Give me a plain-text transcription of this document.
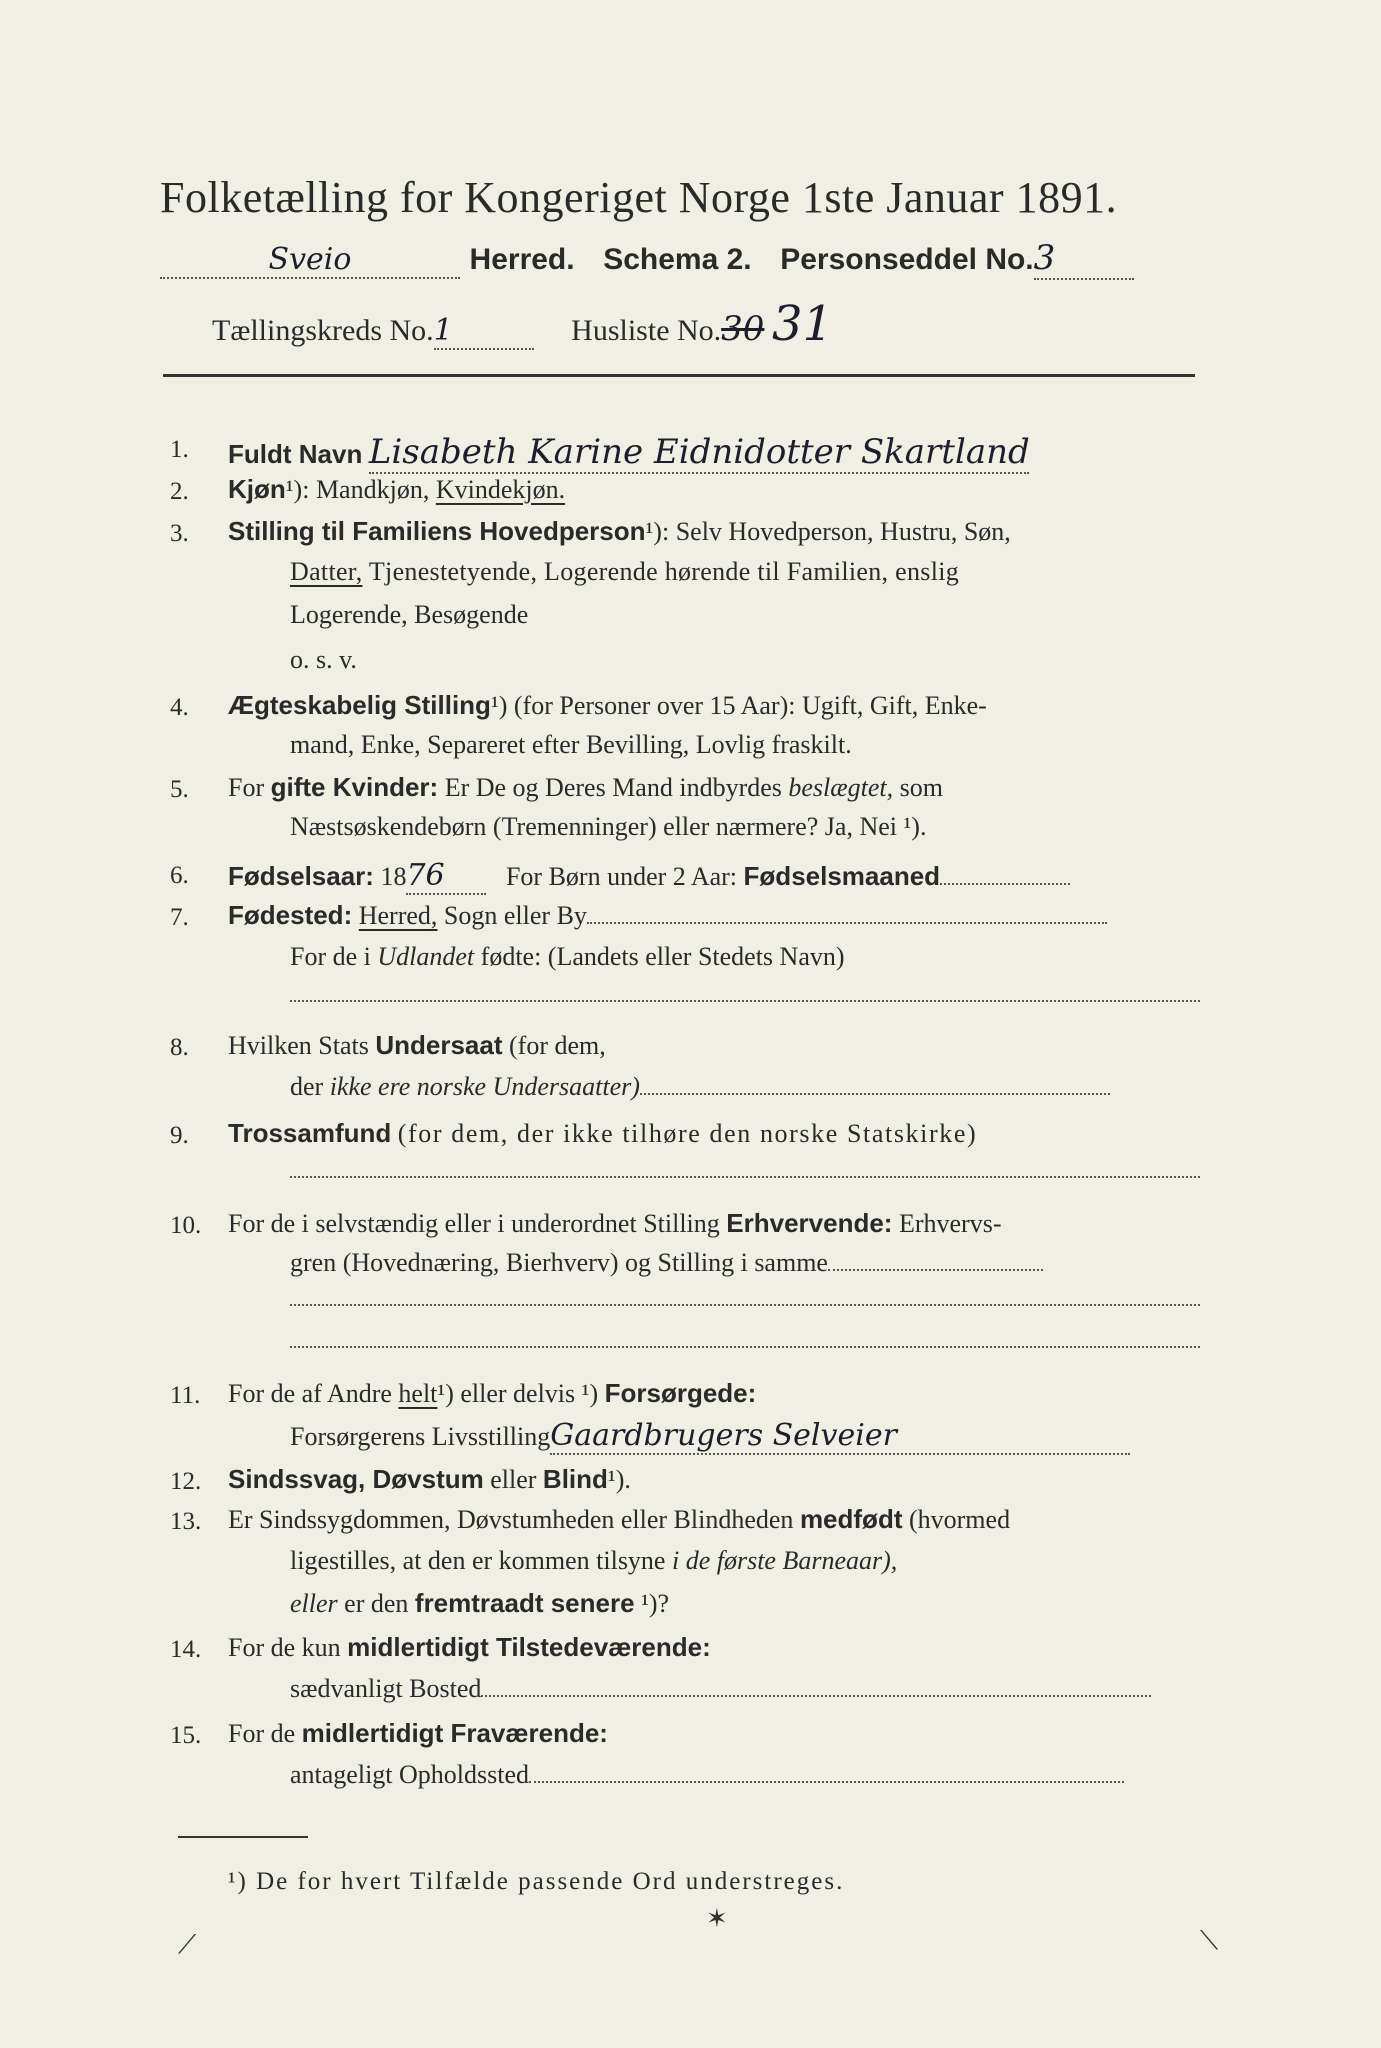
Folketælling for Kongeriget Norge 1ste Januar 1891.
Sveio	Herred. Schema 2. Personseddel No.3
Tællingskreds No.1	Husliste No.30 31
1. Fuldt Navn Lisabeth Karine Eidnidotter Skartland
2. Kjøn¹): Mandkjøn, Kvindekjøn.
3. Stilling til Familiens Hovedperson¹): Selv Hovedperson, Hustru, Søn,
Datter, Tjenestetyende, Logerende hørende til Familien, enslig
Logerende, Besøgende
o. s. v.
4. Ægteskabelig Stilling¹) (for Personer over 15 Aar): Ugift, Gift, Enke-
mand, Enke, Separeret efter Bevilling, Lovlig fraskilt.
5. For gifte Kvinder: Er De og Deres Mand indbyrdes beslægtet, som
Næstsøskendebørn (Tremenninger) eller nærmere? Ja, Nei ¹).
6. Fødselsaar: 1876 For Børn under 2 Aar: Fødselsmaaned
7. Fødested: Herred, Sogn eller By
For de i Udlandet fødte: (Landets eller Stedets Navn)
8. Hvilken Stats Undersaat (for dem,
der ikke ere norske Undersaatter)
9. Trossamfund (for dem, der ikke tilhøre den norske Statskirke)
10. For de i selvstændig eller i underordnet Stilling Erhvervende: Erhvervs-
gren (Hovednæring, Bierhverv) og Stilling i samme
11. For de af Andre helt¹) eller delvis ¹) Forsørgede:
Forsørgerens LivsstillingGaardbrugers Selveier
12. Sindssvag, Døvstum eller Blind¹).
13. Er Sindssygdommen, Døvstumheden eller Blindheden medfødt (hvormed
ligestilles, at den er kommen tilsyne i de første Barneaar),
eller er den fremtraadt senere ¹)?
14. For de kun midlertidigt Tilstedeværende:
sædvanligt Bosted
15. For de midlertidigt Fraværende:
antageligt Opholdssted
¹) De for hvert Tilfælde passende Ord understreges.
⟋
✶
⟍
